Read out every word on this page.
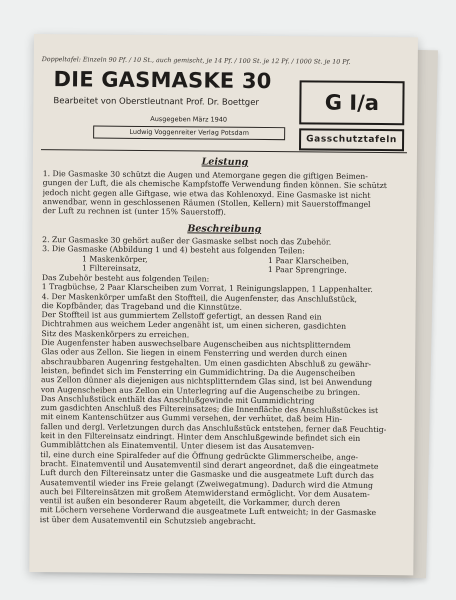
Doppeltafel: Einzeln 90 Pf. / 10 St., auch gemischt, je 14 Pf. / 100 St. je 12 Pf. / 1000 St. je 10 Pf.
DIE GASMASKE 30
Bearbeitet von Oberstleutnant Prof. Dr. Boettger
Ausgegeben März 1940
Ludwig Voggenreiter Verlag Potsdam
G I/a
Gasschutztafeln
Leistung
1. Die Gasmaske 30 schützt die Augen und Atemorgane gegen die giftigen Beimen-
gungen der Luft, die als chemische Kampfstoffe Verwendung finden können. Sie schützt
jedoch nicht gegen alle Giftgase, wie etwa das Kohlenoxyd. Eine Gasmaske ist nicht
anwendbar, wenn in geschlossenen Räumen (Stollen, Kellern) mit Sauerstoffmangel
der Luft zu rechnen ist (unter 15% Sauerstoff).
Beschreibung
2. Zur Gasmaske 30 gehört außer der Gasmaske selbst noch das Zubehör.
3. Die Gasmaske (Abbildung 1 und 4) besteht aus folgenden Teilen:
1 Maskenkörper,	1 Paar Klarscheiben,
1 Filtereinsatz,	1 Paar Sprengringe.
Das Zubehör besteht aus folgenden Teilen:
1 Tragbüchse, 2 Paar Klarscheiben zum Vorrat, 1 Reinigungslappen, 1 Lappenhalter.
4. Der Maskenkörper umfaßt den Stoffteil, die Augenfenster, das Anschlußstück,
die Kopfbänder, das Trageband und die Kinnstütze.
Der Stoffteil ist aus gummiertem Zellstoff gefertigt, an dessen Rand ein
Dichtrahmen aus weichem Leder angenäht ist, um einen sicheren, gasdichten
Sitz des Maskenkörpers zu erreichen.
Die Augenfenster haben auswechselbare Augenscheiben aus nichtsplitterndem
Glas oder aus Zellon. Sie liegen in einem Fensterring und werden durch einen
abschraubbaren Augenring festgehalten. Um einen gasdichten Abschluß zu gewähr-
leisten, befindet sich im Fensterring ein Gummidichtring. Da die Augenscheiben
aus Zellon dünner als diejenigen aus nichtsplitterndem Glas sind, ist bei Anwendung
von Augenscheiben aus Zellon ein Unterlegring auf die Augenscheibe zu bringen.
Das Anschlußstück enthält das Anschlußgewinde mit Gummidichtring
zum gasdichten Anschluß des Filtereinsatzes; die Innenfläche des Anschlußstückes ist
mit einem Kantenschützer aus Gummi versehen, der verhütet, daß beim Hin-
fallen und dergl. Verletzungen durch das Anschlußstück entstehen, ferner daß Feuchtig-
keit in den Filtereinsatz eindringt. Hinter dem Anschlußgewinde befindet sich ein
Gummiblättchen als Einatemventil. Unter diesem ist das Ausatemven-
til, eine durch eine Spiralfeder auf die Öffnung gedrückte Glimmerscheibe, ange-
bracht. Einatemventil und Ausatemventil sind derart angeordnet, daß die eingeatmete
Luft durch den Filtereinsatz unter die Gasmaske und die ausgeatmete Luft durch das
Ausatemventil wieder ins Freie gelangt (Zweiwegatmung). Dadurch wird die Atmung
auch bei Filtereinsätzen mit großem Atemwiderstand ermöglicht. Vor dem Ausatem-
ventil ist außen ein besonderer Raum abgeteilt, die Vorkammer, durch deren
mit Löchern versehene Vorderwand die ausgeatmete Luft entweicht; in der Gasmaske
ist über dem Ausatemventil ein Schutzsieb angebracht.
